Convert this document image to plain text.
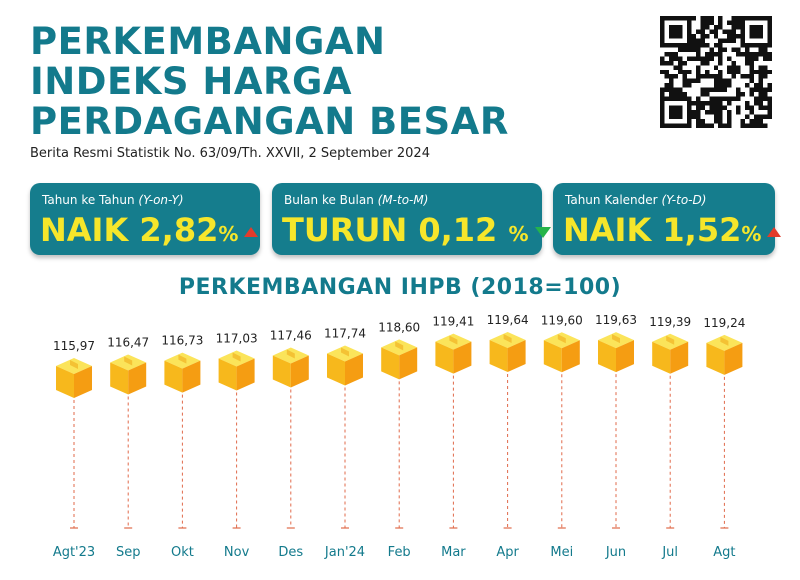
PERKEMBANGAN
INDEKS HARGA
PERDAGANGAN BESAR
Berita Resmi Statistik No. 63/09/Th. XXVII, 2 September 2024
Tahun ke Tahun (Y-on-Y)
NAIK 2,82%
Bulan ke Bulan (M-to-M)
TURUN 0,12 %
Tahun Kalender (Y-to-D)
NAIK 1,52%
PERKEMBANGAN IHPB (2018=100)
115,97
Agt'23
116,47
Sep
116,73
Okt
117,03
Nov
117,46
Des
117,74
Jan'24
118,60
Feb
119,41
Mar
119,64
Apr
119,60
Mei
119,63
Jun
119,39
Jul
119,24
Agt
